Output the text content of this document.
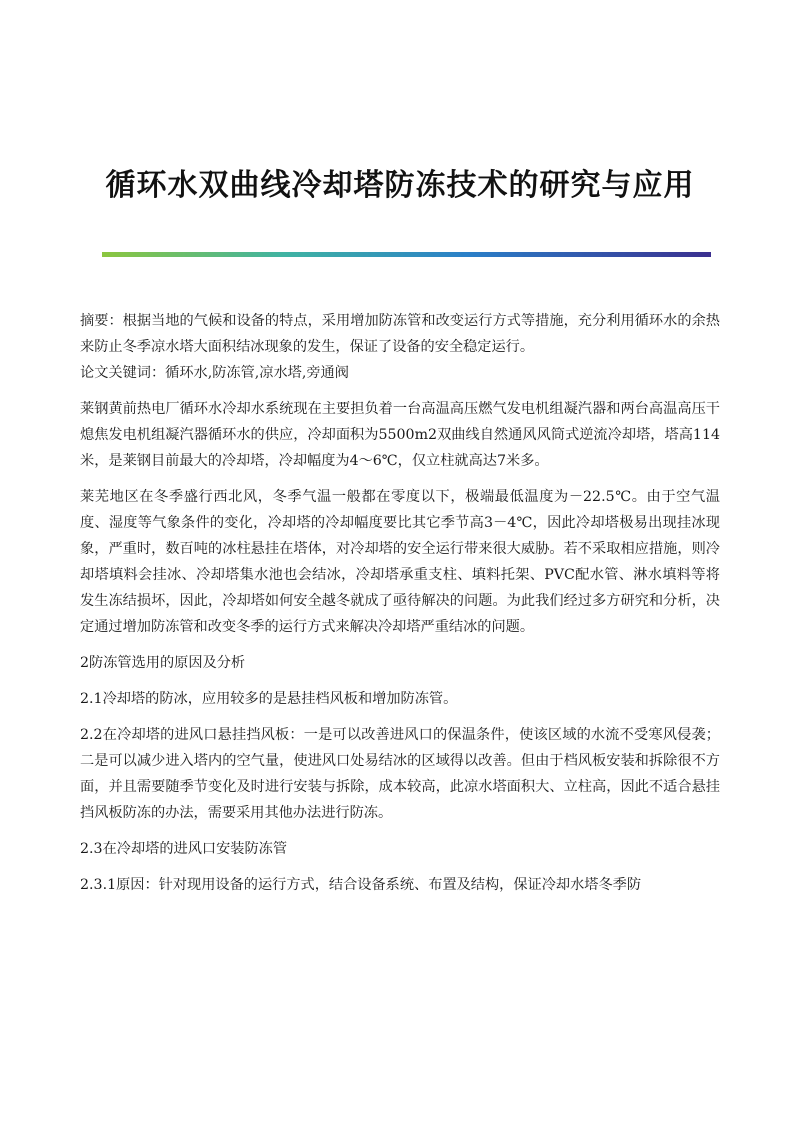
循环水双曲线冷却塔防冻技术的研究与应用

摘要：根据当地的气候和设备的特点，采用增加防冻管和改变运行方式等措施，充分利用循环水的余热来防止冬季凉水塔大面积结冰现象的发生，保证了设备的安全稳定运行。

论文关键词：循环水,防冻管,凉水塔,旁通阀

莱钢黄前热电厂循环水冷却水系统现在主要担负着一台高温高压燃气发电机组凝汽器和两台高温高压干熄焦发电机组凝汽器循环水的供应，冷却面积为5500m2双曲线自然通风风筒式逆流冷却塔，塔高114米，是莱钢目前最大的冷却塔，冷却幅度为4～6℃，仅立柱就高达7米多。

莱芜地区在冬季盛行西北风，冬季气温一般都在零度以下，极端最低温度为－22.5℃。由于空气温度、湿度等气象条件的变化，冷却塔的冷却幅度要比其它季节高3－4℃，因此冷却塔极易出现挂冰现象，严重时，数百吨的冰柱悬挂在塔体，对冷却塔的安全运行带来很大威胁。若不采取相应措施，则冷却塔填料会挂冰、冷却塔集水池也会结冰，冷却塔承重支柱、填料托架、PVC配水管、淋水填料等将发生冻结损坏，因此，冷却塔如何安全越冬就成了亟待解决的问题。为此我们经过多方研究和分析，决定通过增加防冻管和改变冬季的运行方式来解决冷却塔严重结冰的问题。

2防冻管选用的原因及分析

2.1冷却塔的防冰，应用较多的是悬挂档风板和增加防冻管。

2.2在冷却塔的进风口悬挂挡风板：一是可以改善进风口的保温条件，使该区域的水流不受寒风侵袭；二是可以减少进入塔内的空气量，使进风口处易结冰的区域得以改善。但由于档风板安装和拆除很不方面，并且需要随季节变化及时进行安装与拆除，成本较高，此凉水塔面积大、立柱高，因此不适合悬挂挡风板防冻的办法，需要采用其他办法进行防冻。

2.3在冷却塔的进风口安装防冻管

2.3.1原因：针对现用设备的运行方式，结合设备系统、布置及结构，保证冷却水塔冬季防
